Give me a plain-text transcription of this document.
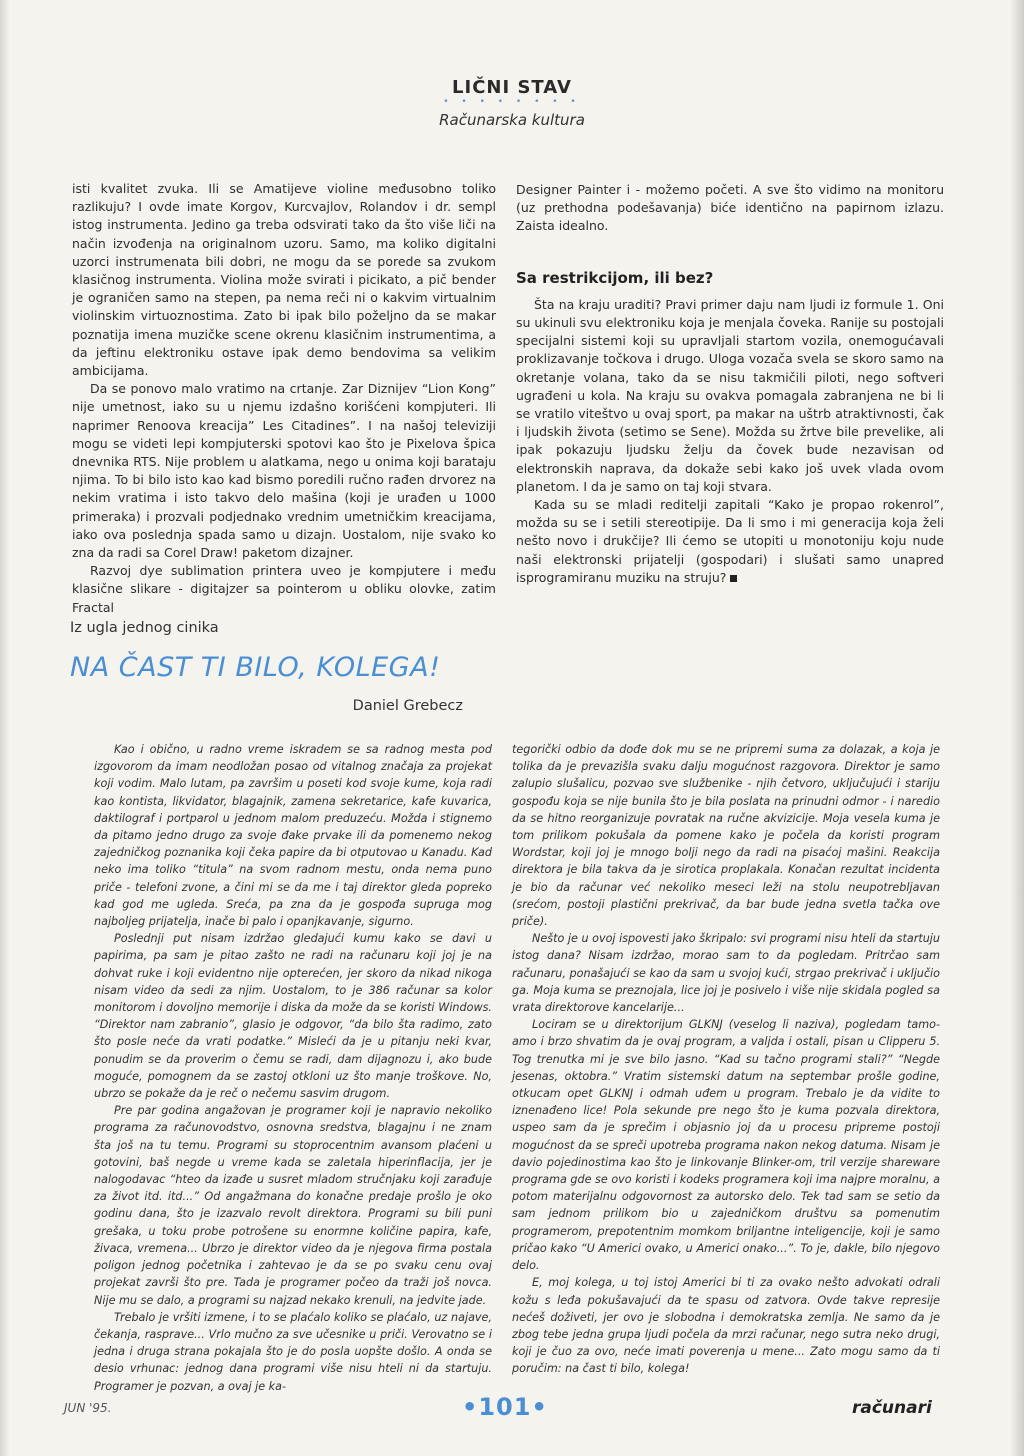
LIČNI STAV
• • • • • • • •
Računarska kultura

isti kvalitet zvuka. Ili se Amatijeve violine međusobno toliko razlikuju? I ovde imate Korgov, Kurcvajlov, Rolandov i dr. sempl istog instrumenta. Jedino ga treba odsvirati tako da što više liči na način izvođenja na originalnom uzoru. Samo, ma koliko digitalni uzorci instrumenata bili dobri, ne mogu da se porede sa zvukom klasičnog instrumenta. Violina može svirati i picikato, a pič bender je ograničen samo na stepen, pa nema reči ni o kakvim virtualnim violinskim virtuoznostima. Zato bi ipak bilo poželjno da se makar poznatija imena muzičke scene okrenu klasičnim instrumentima, a da jeftinu elektroniku ostave ipak demo bendovima sa velikim ambicijama.

Da se ponovo malo vratimo na crtanje. Zar Diznijev “Lion Kong” nije umetnost, iako su u njemu izdašno korišćeni kompjuteri. Ili naprimer Renoova kreacija” Les Citadines”. I na našoj televiziji mogu se videti lepi kompjuterski spotovi kao što je Pixelova špica dnevnika RTS. Nije problem u alatkama, nego u onima koji barataju njima. To bi bilo isto kao kad bismo poredili ručno rađen drvorez na nekim vratima i isto takvo delo mašina (koji je urađen u 1000 primeraka) i prozvali podjednako vrednim umetničkim kreacijama, iako ova poslednja spada samo u dizajn. Uostalom, nije svako ko zna da radi sa Corel Draw! paketom dizajner.

Razvoj dye sublimation printera uveo je kompjutere i među klasične slikare - digitajzer sa pointerom u obliku olovke, zatim Fractal

Designer Painter i - možemo početi. A sve što vidimo na monitoru (uz prethodna podešavanja) biće identično na papirnom izlazu. Zaista idealno.

Sa restrikcijom, ili bez?

Šta na kraju uraditi? Pravi primer daju nam ljudi iz formule 1. Oni su ukinuli svu elektroniku koja je menjala čoveka. Ranije su postojali specijalni sistemi koji su upravljali startom vozila, onemogućavali proklizavanje točkova i drugo. Uloga vozača svela se skoro samo na okretanje volana, tako da se nisu takmičili piloti, nego softveri ugrađeni u kola. Na kraju su ovakva pomagala zabranjena ne bi li se vratilo viteštvo u ovaj sport, pa makar na uštrb atraktivnosti, čak i ljudskih života (setimo se Sene). Možda su žrtve bile prevelike, ali ipak pokazuju ljudsku želju da čovek bude nezavisan od elektronskih naprava, da dokaže sebi kako još uvek vlada ovom planetom. I da je samo on taj koji stvara.

Kada su se mladi reditelji zapitali “Kako je propao rokenrol”, možda su se i setili stereotipije. Da li smo i mi generacija koja želi nešto novo i drukčije? Ili ćemo se utopiti u monotoniju koju nude naši elektronski prijatelji (gospodari) i slušati samo unapred isprogramiranu muziku na struju?

Iz ugla jednog cinika
NA ČAST TI BILO, KOLEGA!
Daniel Grebecz

Kao i obično, u radno vreme iskradem se sa radnog mesta pod izgovorom da imam neodložan posao od vitalnog značaja za projekat koji vodim. Malo lutam, pa završim u poseti kod svoje kume, koja radi kao kontista, likvidator, blagajnik, zamena sekretarice, kafe kuvarica, daktilograf i portparol u jednom malom preduzeću. Možda i stignemo da pitamo jedno drugo za svoje đake prvake ili da pomenemo nekog zajedničkog poznanika koji čeka papire da bi otputovao u Kanadu. Kad neko ima toliko “titula” na svom radnom mestu, onda nema puno priče - telefoni zvone, a čini mi se da me i taj direktor gleda popreko kad god me ugleda. Sreća, pa zna da je gospođa supruga mog najboljeg prijatelja, inače bi palo i opanjkavanje, sigurno.

Poslednji put nisam izdržao gledajući kumu kako se davi u papirima, pa sam je pitao zašto ne radi na računaru koji joj je na dohvat ruke i koji evidentno nije opterećen, jer skoro da nikad nikoga nisam video da sedi za njim. Uostalom, to je 386 računar sa kolor monitorom i dovoljno memorije i diska da može da se koristi Windows. “Direktor nam zabranio”, glasio je odgovor, “da bilo šta radimo, zato što posle neće da vrati podatke.” Misleći da je u pitanju neki kvar, ponudim se da proverim o čemu se radi, dam dijagnozu i, ako bude moguće, pomognem da se zastoj otkloni uz što manje troškove. No, ubrzo se pokaže da je reč o nečemu sasvim drugom.

Pre par godina angažovan je programer koji je napravio nekoliko programa za računovodstvo, osnovna sredstva, blagajnu i ne znam šta još na tu temu. Programi su stoprocentnim avansom plaćeni u gotovini, baš negde u vreme kada se zaletala hiperinflacija, jer je nalogodavac “hteo da izađe u susret mladom stručnjaku koji zarađuje za život itd. itd...” Od angažmana do konačne predaje prošlo je oko godinu dana, što je izazvalo revolt direktora. Programi su bili puni grešaka, u toku probe potrošene su enormne količine papira, kafe, živaca, vremena... Ubrzo je direktor video da je njegova firma postala poligon jednog početnika i zahtevao je da se po svaku cenu ovaj projekat završi što pre. Tada je programer počeo da traži još novca. Nije mu se dalo, a programi su najzad nekako krenuli, na jedvite jade.

Trebalo je vršiti izmene, i to se plaćalo koliko se plaćalo, uz najave, čekanja, rasprave... Vrlo mučno za sve učesnike u priči. Verovatno se i jedna i druga strana pokajala što je do posla uopšte došlo. A onda se desio vrhunac: jednog dana programi više nisu hteli ni da startuju. Programer je pozvan, a ovaj je ka-

tegorički odbio da dođe dok mu se ne pripremi suma za dolazak, a koja je tolika da je prevazišla svaku dalju mogućnost razgovora. Direktor je samo zalupio slušalicu, pozvao sve službenike - njih četvoro, uključujući i stariju gospođu koja se nije bunila što je bila poslata na prinudni odmor - i naredio da se hitno reorganizuje povratak na ručne akvizicije. Moja vesela kuma je tom prilikom pokušala da pomene kako je počela da koristi program Wordstar, koji joj je mnogo bolji nego da radi na pisaćoj mašini. Reakcija direktora je bila takva da je sirotica proplakala. Konačan rezultat incidenta je bio da računar već nekoliko meseci leži na stolu neupotrebljavan (srećom, postoji plastični prekrivač, da bar bude jedna svetla tačka ove priče).

Nešto je u ovoj ispovesti jako škripalo: svi programi nisu hteli da startuju istog dana? Nisam izdržao, morao sam to da pogledam. Pritrčao sam računaru, ponašajući se kao da sam u svojoj kući, strgao prekrivač i uključio ga. Moja kuma se preznojala, lice joj je posivelo i više nije skidala pogled sa vrata direktorove kancelarije...

Lociram se u direktorijum GLKNJ (veselog li naziva), pogledam tamo-amo i brzo shvatim da je ovaj program, a valjda i ostali, pisan u Clipperu 5. Tog trenutka mi je sve bilo jasno. “Kad su tačno programi stali?” “Negde jesenas, oktobra.” Vratim sistemski datum na septembar prošle godine, otkucam opet GLKNJ i odmah uđem u program. Trebalo je da vidite to iznenađeno lice! Pola sekunde pre nego što je kuma pozvala direktora, uspeo sam da je sprečim i objasnio joj da u procesu pripreme postoji mogućnost da se spreči upotreba programa nakon nekog datuma. Nisam je davio pojedinostima kao što je linkovanje Blinker-om, tril verzije shareware programa gde se ovo koristi i kodeks programera koji ima najpre moralnu, a potom materijalnu odgovornost za autorsko delo. Tek tad sam se setio da sam jednom prilikom bio u zajedničkom društvu sa pomenutim programerom, prepotentnim momkom briljantne inteligencije, koji je samo pričao kako “U Americi ovako, u Americi onako...”. To je, dakle, bilo njegovo delo.

E, moj kolega, u toj istoj Americi bi ti za ovako nešto advokati odrali kožu s leđa pokušavajući da te spasu od zatvora. Ovde takve represije nećeš doživeti, jer ovo je slobodna i demokratska zemlja. Ne samo da je zbog tebe jedna grupa ljudi počela da mrzi računar, nego sutra neko drugi, koji je čuo za ovo, neće imati poverenja u mene... Zato mogu samo da ti poručim: na čast ti bilo, kolega!

JUN '95.	•101•	računari
